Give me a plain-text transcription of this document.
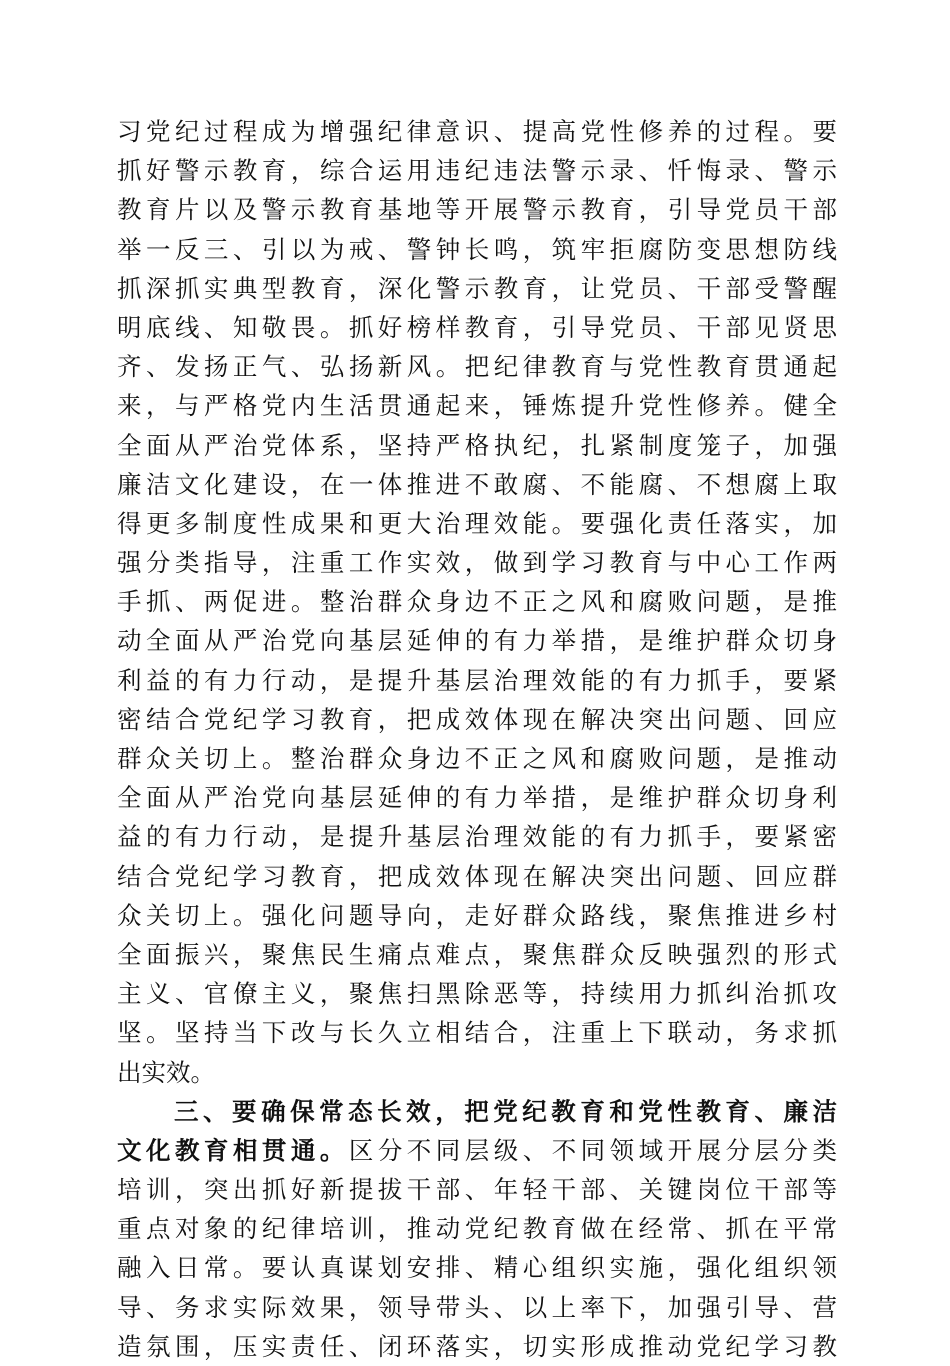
习党纪过程成为增强纪律意识、提高党性修养的过程。要
抓好警示教育，综合运用违纪违法警示录、忏悔录、警示
教育片以及警示教育基地等开展警示教育，引导党员干部
举一反三、引以为戒、警钟长鸣，筑牢拒腐防变思想防线
抓深抓实典型教育，深化警示教育，让党员、干部受警醒
明底线、知敬畏。抓好榜样教育，引导党员、干部见贤思
齐、发扬正气、弘扬新风。把纪律教育与党性教育贯通起
来，与严格党内生活贯通起来，锤炼提升党性修养。健全
全面从严治党体系，坚持严格执纪，扎紧制度笼子，加强
廉洁文化建设，在一体推进不敢腐、不能腐、不想腐上取
得更多制度性成果和更大治理效能。要强化责任落实，加
强分类指导，注重工作实效，做到学习教育与中心工作两
手抓、两促进。整治群众身边不正之风和腐败问题，是推
动全面从严治党向基层延伸的有力举措，是维护群众切身
利益的有力行动，是提升基层治理效能的有力抓手，要紧
密结合党纪学习教育，把成效体现在解决突出问题、回应
群众关切上。整治群众身边不正之风和腐败问题，是推动
全面从严治党向基层延伸的有力举措，是维护群众切身利
益的有力行动，是提升基层治理效能的有力抓手，要紧密
结合党纪学习教育，把成效体现在解决突出问题、回应群
众关切上。强化问题导向，走好群众路线，聚焦推进乡村
全面振兴，聚焦民生痛点难点，聚焦群众反映强烈的形式
主义、官僚主义，聚焦扫黑除恶等，持续用力抓纠治抓攻
坚。坚持当下改与长久立相结合，注重上下联动，务求抓
出实效。
三、要确保常态长效，把党纪教育和党性教育、廉洁
文化教育相贯通。区分不同层级、不同领域开展分层分类
培训，突出抓好新提拔干部、年轻干部、关键岗位干部等
重点对象的纪律培训，推动党纪教育做在经常、抓在平常
融入日常。要认真谋划安排、精心组织实施，强化组织领
导、务求实际效果，领导带头、以上率下，加强引导、营
造氛围，压实责任、闭环落实，切实形成推动党纪学习教
